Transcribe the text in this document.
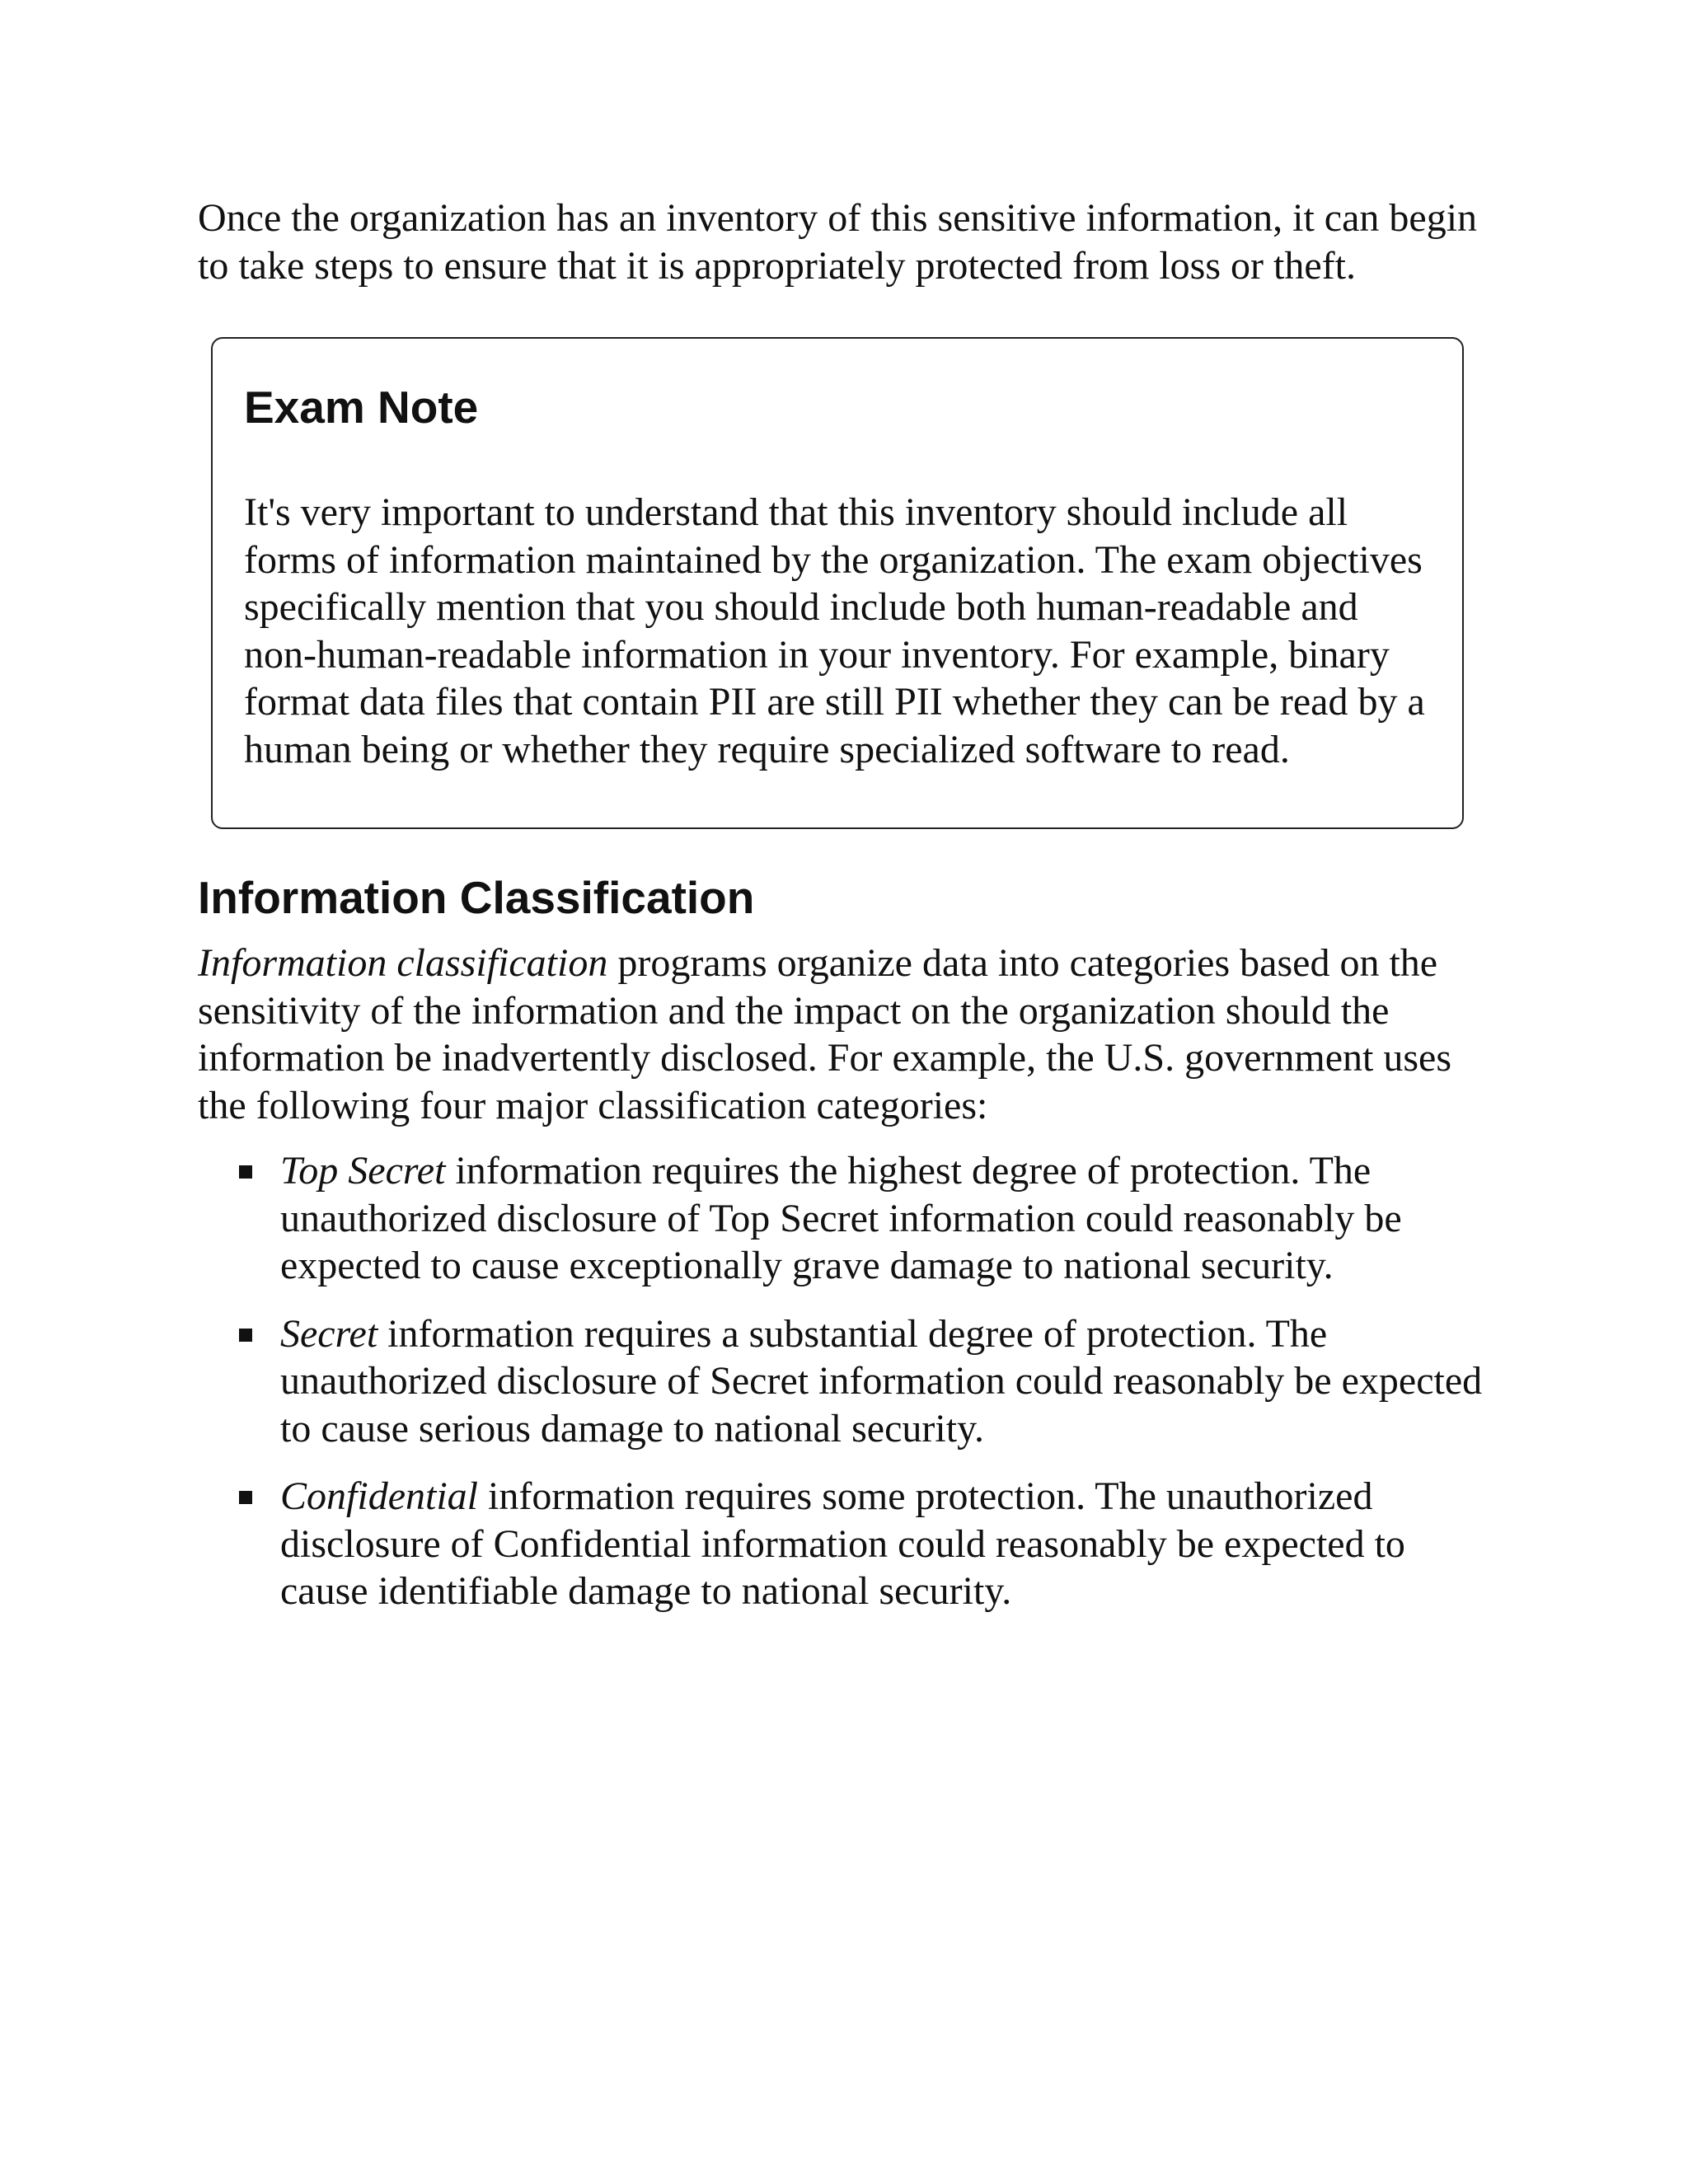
Once the organization has an inventory of this sensitive information, it can begin to take steps to ensure that it is appropriately protected from loss or theft.

Exam Note

It's very important to understand that this inventory should include all forms of information maintained by the organization. The exam objectives specifically mention that you should include both human-readable and non-human-readable information in your inventory. For example, binary format data files that contain PII are still PII whether they can be read by a human being or whether they require specialized software to read.

Information Classification

Information classification programs organize data into categories based on the sensitivity of the information and the impact on the organization should the information be inadvertently disclosed. For example, the U.S. government uses the following four major classification categories:

Top Secret information requires the highest degree of protection. The unauthorized disclosure of Top Secret information could reasonably be expected to cause exceptionally grave damage to national security.
Secret information requires a substantial degree of protection. The unauthorized disclosure of Secret information could reasonably be expected to cause serious damage to national security.
Confidential information requires some protection. The unauthorized disclosure of Confidential information could reasonably be expected to cause identifiable damage to national security.
